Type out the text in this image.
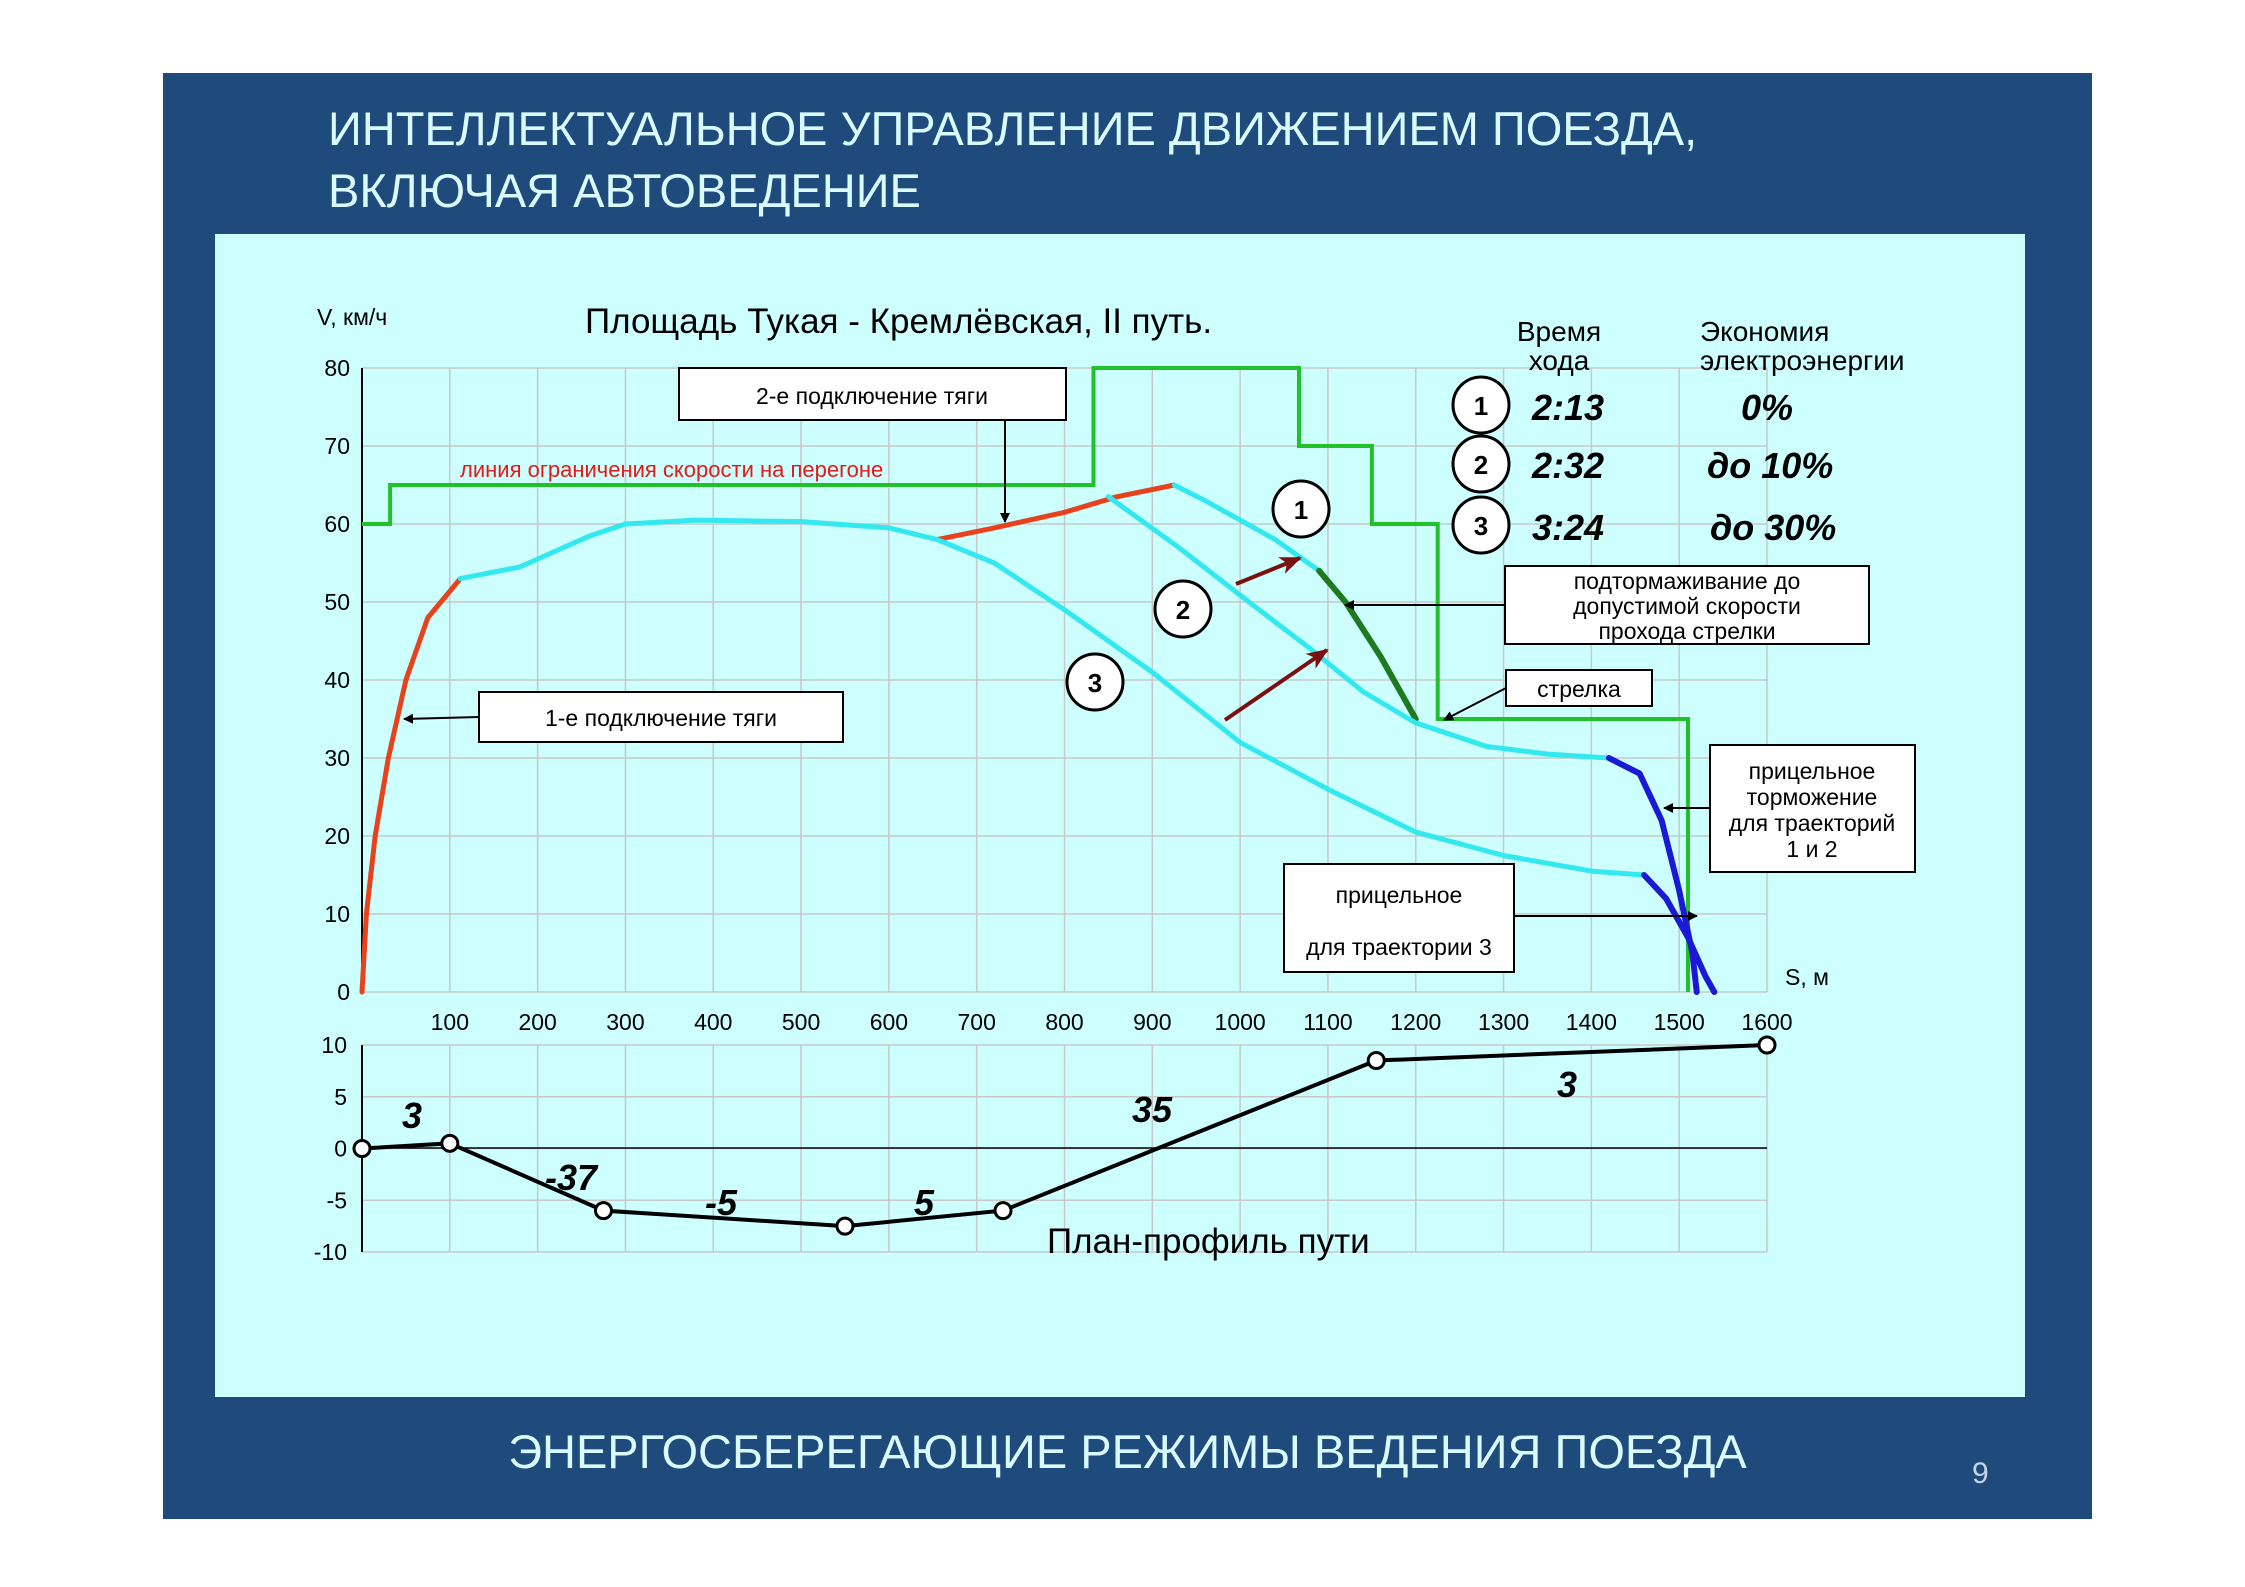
ИНТЕЛЛЕКТУАЛЬНОЕ УПРАВЛЕНИЕ ДВИЖЕНИЕМ ПОЕЗДА,
ВКЛЮЧАЯ АВТОВЕДЕНИЕ
ЭНЕРГОСБЕРЕГАЮЩИЕ РЕЖИМЫ ВЕДЕНИЯ ПОЕЗДА	9
0
10
20
30
40
50
60
70
80
100 200 300 400 500 600 700 800 900 1000 1100 1200 1300 1400 1500 1600
10
5
0
-5
-10
V, км/ч
S, м
Площадь Тукая - Кремлёвская, II путь.
План-профиль пути
линия ограничения скорости на перегоне
1-е подключение тяги
2-е подключение тяги
подтормаживание до
допустимой скорости
прохода стрелки
стрелка
прицельное
торможение
для траекторий
1 и 2
прицельное
торможение
для траектории 3
1
2
3
Время
хода
Экономия
электроэнергии
1 2:13	0%
2 2:32	до 10%
3 3:24	до 30%
3
-37
-5	5
35
3
